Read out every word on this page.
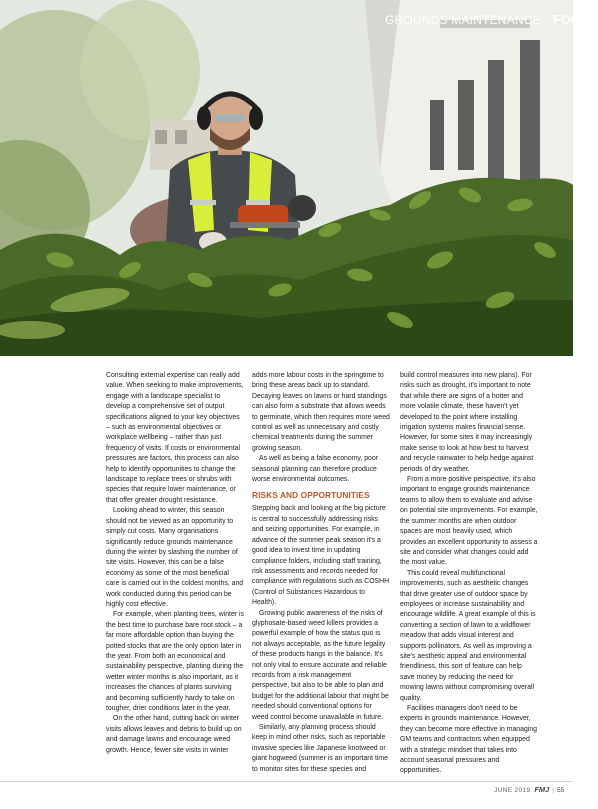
GROUNDS MAINTENANCE FOCUS

Consulting external expertise can really add value. When seeking to make improvements, engage with a landscape specialist to develop a comprehensive set of output specifications aligned to your key objectives – such as environmental objectives or workplace wellbeing – rather than just frequency of visits. If costs or environmental pressures are factors, this process can also help to identify opportunities to change the landscape to replace trees or shrubs with species that require lower maintenance, or that offer greater drought resistance.

Looking ahead to winter, this season should not be viewed as an opportunity to simply cut costs. Many organisations significantly reduce grounds maintenance during the winter by slashing the number of site visits. However, this can be a false economy as some of the most beneficial care is carried out in the coldest months, and work conducted during this period can be highly cost effective.

For example, when planting trees, winter is the best time to purchase bare root stock – a far more affordable option than buying the potted stocks that are the only option later in the year. From both an economical and sustainability perspective, planting during the wetter winter months is also important, as it increases the chances of plants surviving and becoming sufficiently hardy to take on tougher, drier conditions later in the year.

On the other hand, cutting back on winter visits allows leaves and debris to build up on and damage lawns and encourage weed growth. Hence, fewer site visits in winter

adds more labour costs in the springtime to bring these areas back up to standard. Decaying leaves on lawns or hard standings can also form a substrate that allows weeds to germinate, which then requires more weed control as well as unnecessary and costly chemical treatments during the summer growing season.

As well as being a false economy, poor seasonal planning can therefore produce worse environmental outcomes.

RISKS AND OPPORTUNITIES

Stepping back and looking at the big picture is central to successfully addressing risks and seizing opportunities. For example, in advance of the summer peak season it's a good idea to invest time in updating compliance folders, including staff training, risk assessments and records needed for compliance with regulations such as COSHH (Control of Substances Hazardous to Health).

Growing public awareness of the risks of glyphosate-based weed killers provides a powerful example of how the status quo is not always acceptable, as the future legality of these products hangs in the balance. It's not only vital to ensure accurate and reliable records from a risk management perspective, but also to be able to plan and budget for the additional labour that might be needed should conventional options for weed control become unavailable in future.

Similarly, any planning process should keep in mind other risks, such as reportable invasive species like Japanese knotweed or giant hogweed (summer is an important time to monitor sites for these species and

build control measures into new plans). For risks such as drought, it's important to note that while there are signs of a hotter and more volatile climate, these haven't yet developed to the point where installing irrigation systems makes financial sense. However, for some sites it may increasingly make sense to look at how best to harvest and recycle rainwater to help hedge against periods of dry weather.

From a more positive perspective, it's also important to engage grounds maintenance teams to allow them to evaluate and advise on potential site improvements. For example, the summer months are when outdoor spaces are most heavily used, which provides an excellent opportunity to assess a site and consider what changes could add the most value.

This could reveal multifunctional improvements, such as aesthetic changes that drive greater use of outdoor space by employees or increase sustainability and encourage wildlife. A great example of this is converting a section of lawn to a wildflower meadow that adds visual interest and supports pollinators. As well as improving a site's aesthetic appeal and environmental friendliness, this sort of feature can help save money by reducing the need for mowing lawns without compromising overall quality.

Facilities managers don't need to be experts in grounds maintenance. However, they can become more effective in managing GM teams and contractors when equipped with a strategic mindset that takes into account seasonal pressures and opportunities.

JUNE 2019 FMJ | 55
